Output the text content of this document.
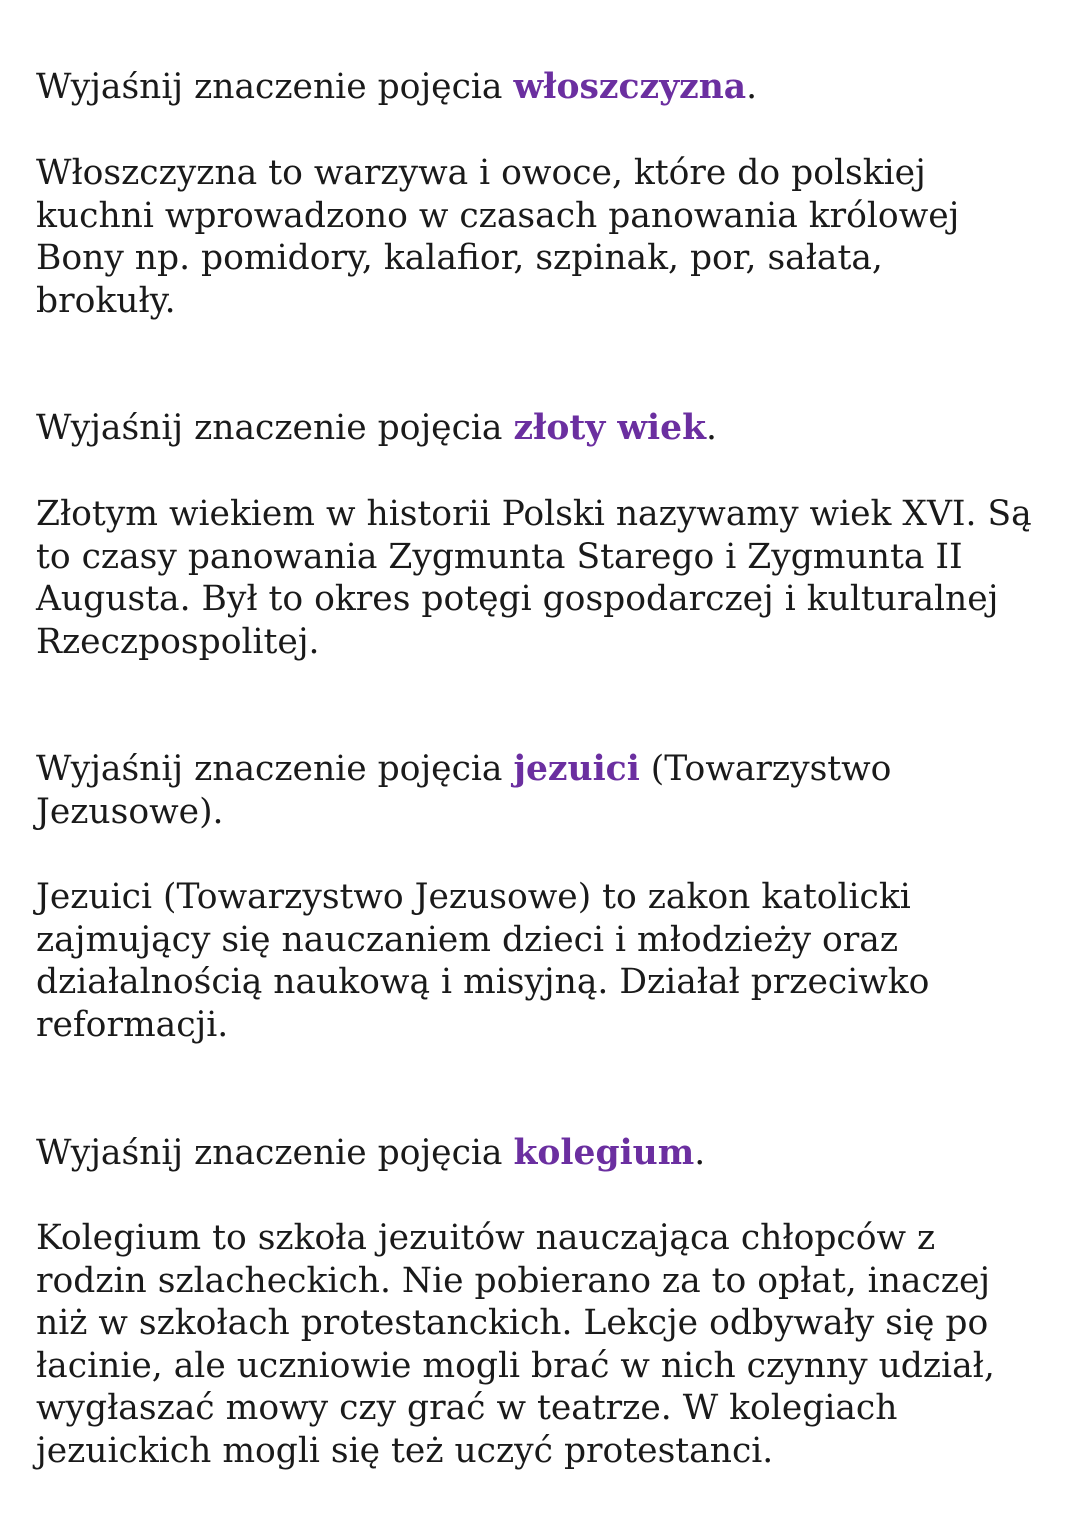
Wyjaśnij znaczenie pojęcia włoszczyzna.

Włoszczyzna to warzywa i owoce, które do polskiej
kuchni wprowadzono w czasach panowania królowej
Bony np. pomidory, kalafior, szpinak, por, sałata,
brokuły.

Wyjaśnij znaczenie pojęcia złoty wiek.

Złotym wiekiem w historii Polski nazywamy wiek XVI. Są
to czasy panowania Zygmunta Starego i Zygmunta II
Augusta. Był to okres potęgi gospodarczej i kulturalnej
Rzeczpospolitej.

Wyjaśnij znaczenie pojęcia jezuici (Towarzystwo
Jezusowe).

Jezuici (Towarzystwo Jezusowe) to zakon katolicki
zajmujący się nauczaniem dzieci i młodzieży oraz
działalnością naukową i misyjną. Działał przeciwko
reformacji.

Wyjaśnij znaczenie pojęcia kolegium.

Kolegium to szkoła jezuitów nauczająca chłopców z
rodzin szlacheckich. Nie pobierano za to opłat, inaczej
niż w szkołach protestanckich. Lekcje odbywały się po
łacinie, ale uczniowie mogli brać w nich czynny udział,
wygłaszać mowy czy grać w teatrze. W kolegiach
jezuickich mogli się też uczyć protestanci.
